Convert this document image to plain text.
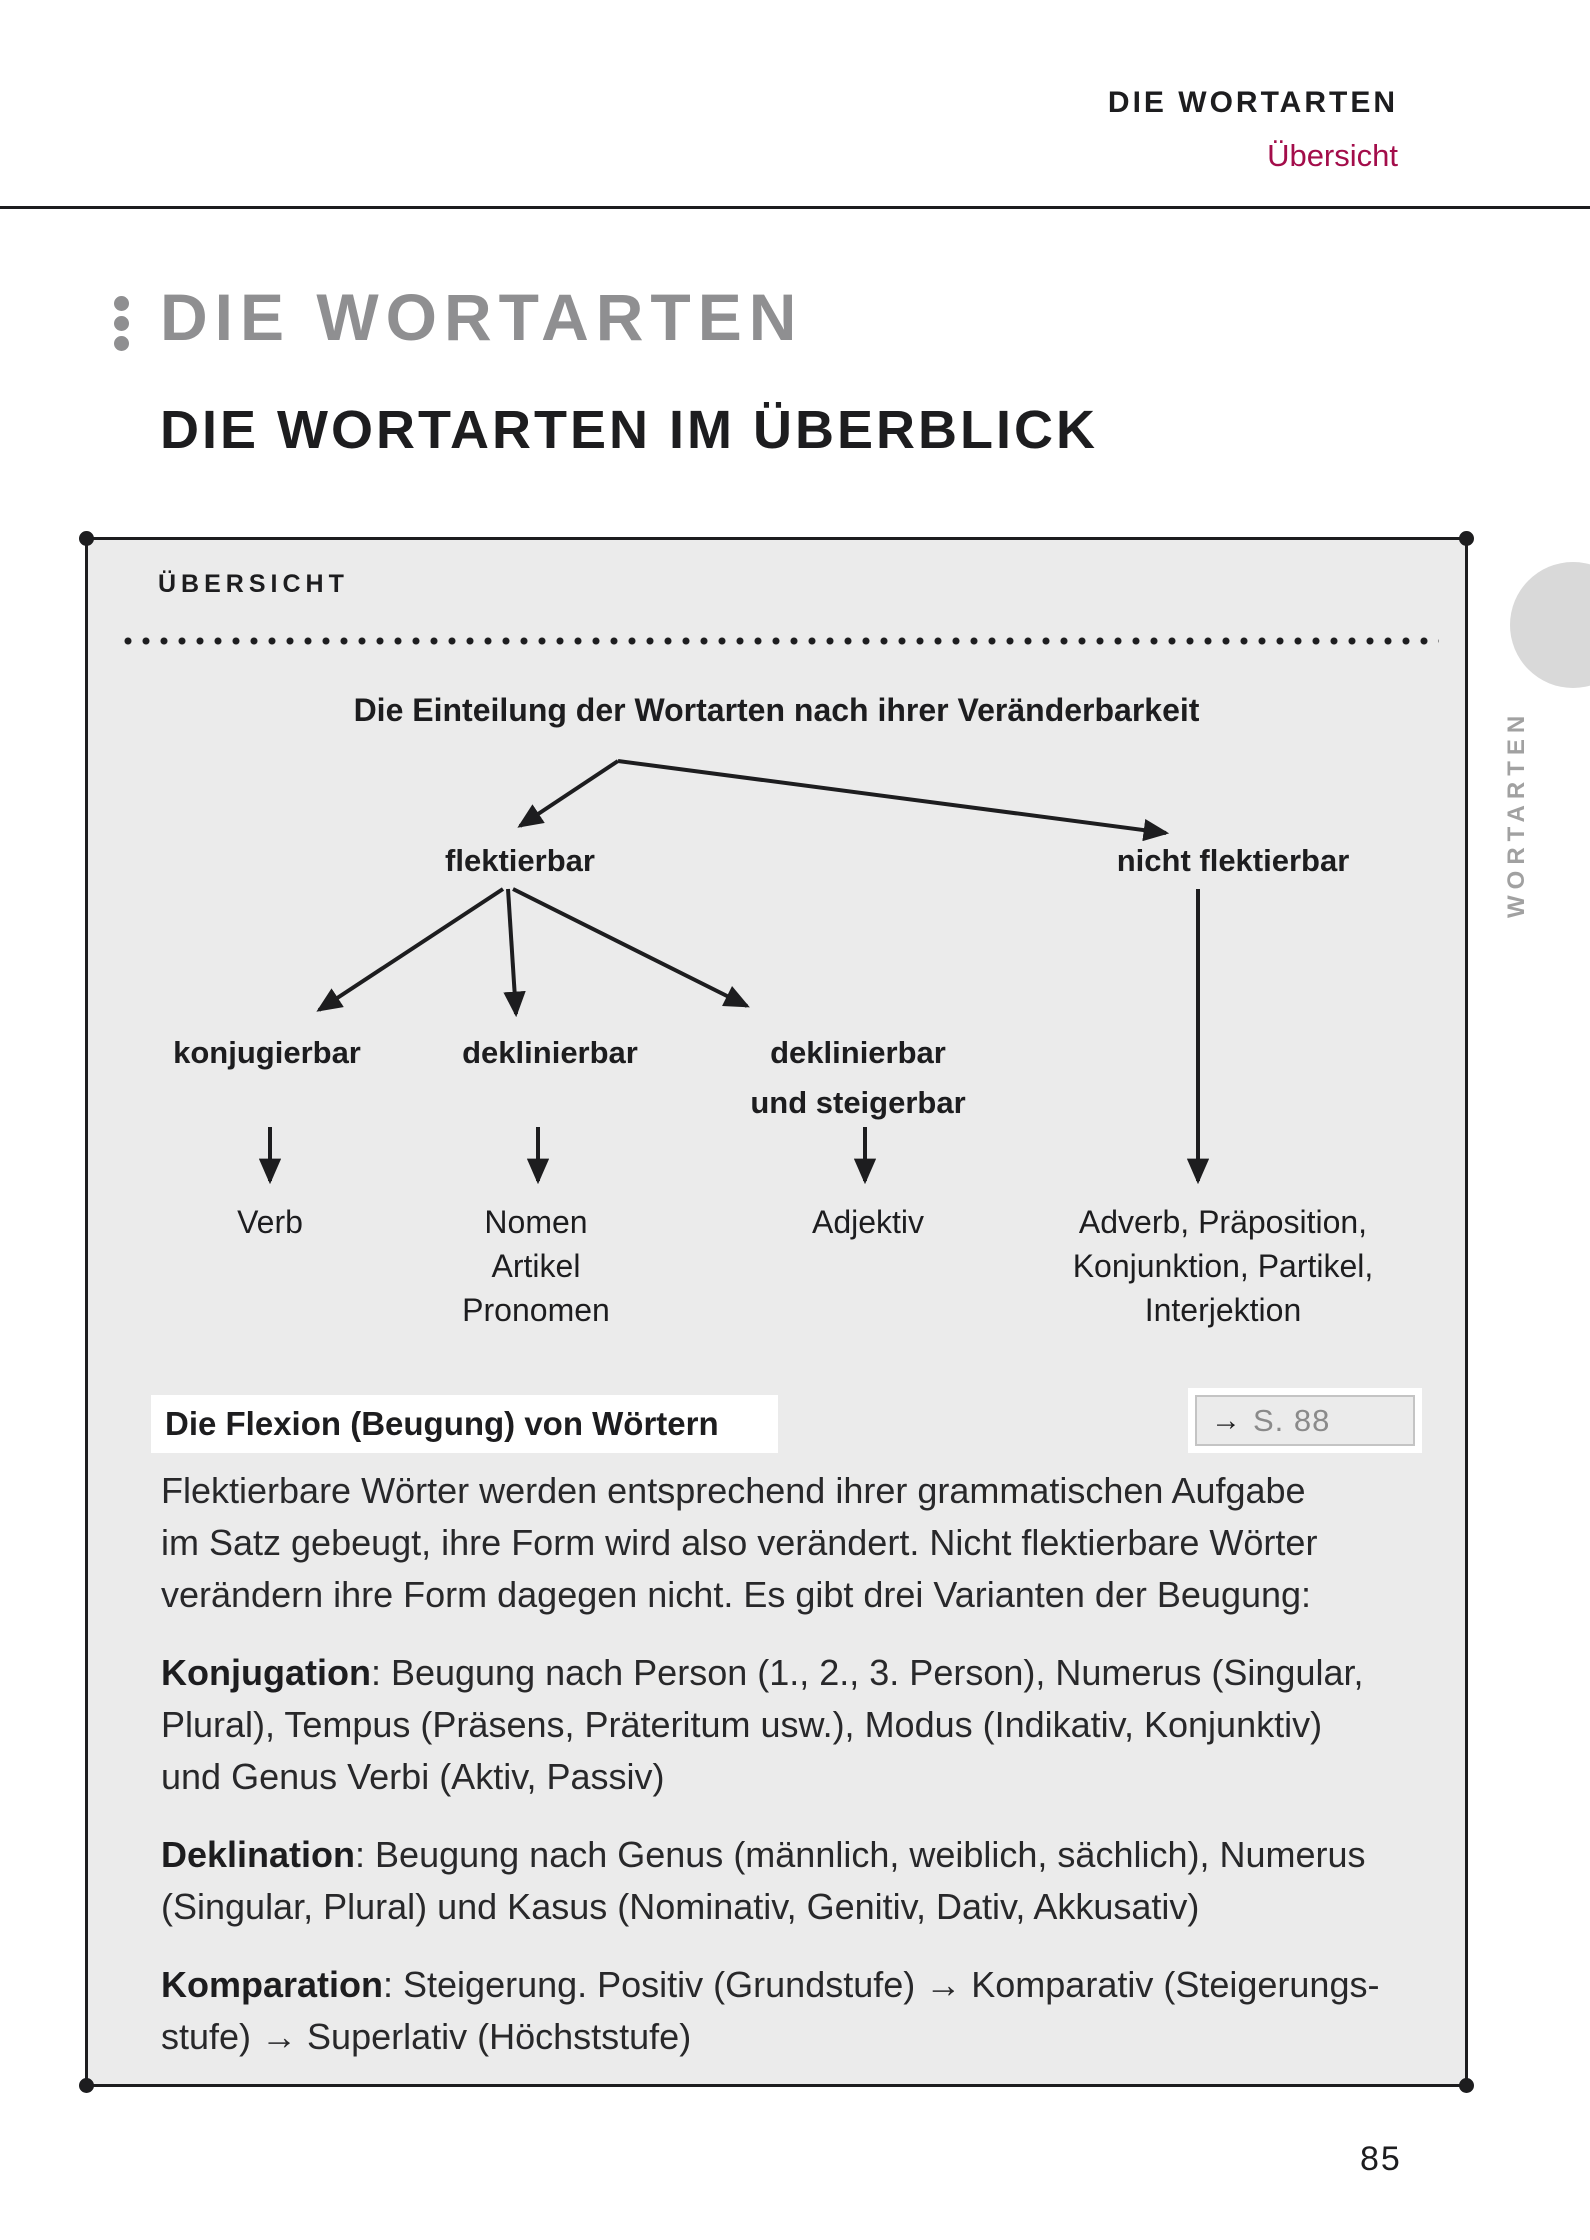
DIE WORTARTEN
Übersicht
DIE WORTARTEN
DIE WORTARTEN IM ÜBERBLICK
ÜBERSICHT
Die Einteilung der Wortarten nach ihrer Veränderbarkeit
flektierbar	nicht flektierbar
konjugierbar	deklinierbar	deklinierbar
und steigerbar
Verb	Nomen
Artikel
Pronomen
Adjektiv	Adverb, Präposition,
Konjunktion, Partikel,
Interjektion
Die Flexion (Beugung) von Wörtern	→ S. 88
Flektierbare Wörter werden entsprechend ihrer grammatischen Aufgabe
im Satz gebeugt, ihre Form wird also verändert. Nicht flektierbare Wörter
verändern ihre Form dagegen nicht. Es gibt drei Varianten der Beugung:
Konjugation: Beugung nach Person (1., 2., 3. Person), Numerus (Singular,
Plural), Tempus (Präsens, Präteritum usw.), Modus (Indikativ, Konjunktiv)
und Genus Verbi (Aktiv, Passiv)
Deklination: Beugung nach Genus (männlich, weiblich, sächlich), Numerus
(Singular, Plural) und Kasus (Nominativ, Genitiv, Dativ, Akkusativ)
Komparation: Steigerung. Positiv (Grundstufe) → Komparativ (Steigerungs-
stufe) → Superlativ (Höchststufe)
WORTARTEN
85
